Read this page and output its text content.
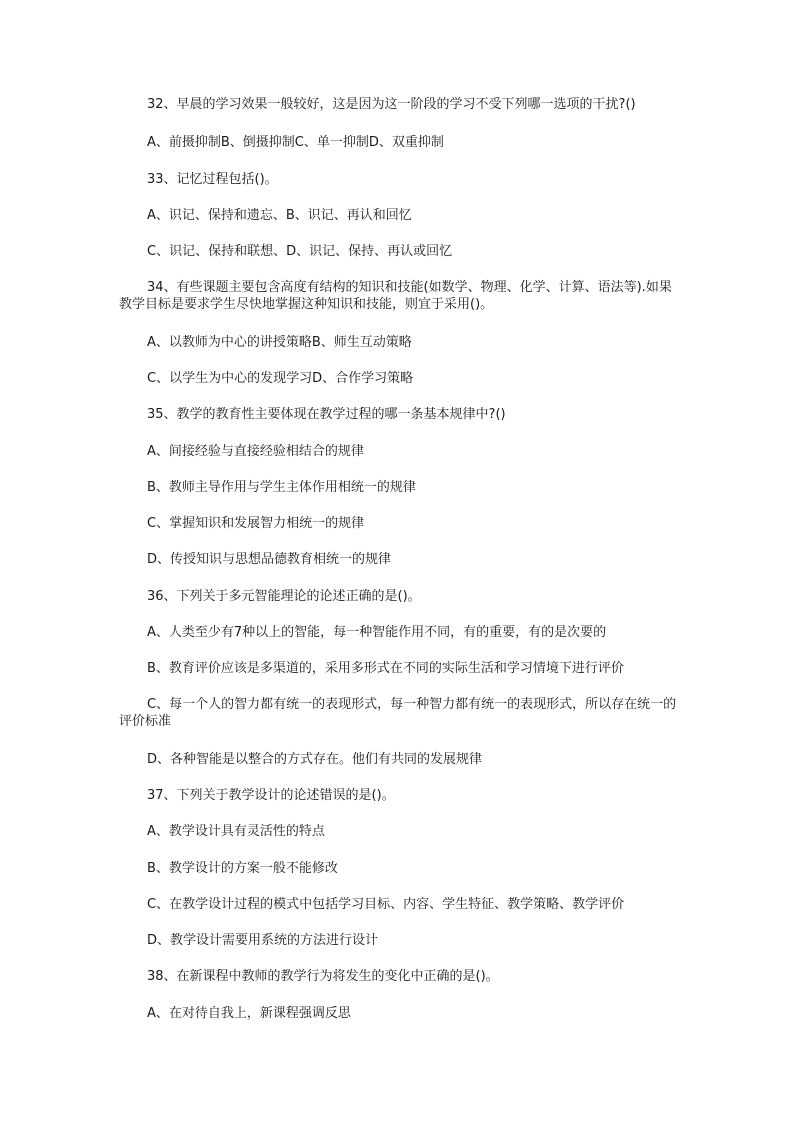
32、早晨的学习效果一般较好，这是因为这一阶段的学习不受下列哪一选项的干扰?()
A、前摄抑制B、倒摄抑制C、单一抑制D、双重抑制
33、记忆过程包括()。
A、识记、保持和遗忘、B、识记、再认和回忆
C、识记、保持和联想、D、识记、保持、再认或回忆
34、有些课题主要包含高度有结构的知识和技能(如数学、物理、化学、计算、语法等).如果教学目标是要求学生尽快地掌握这种知识和技能，则宜于采用()。
A、以教师为中心的讲授策略B、师生互动策略
C、以学生为中心的发现学习D、合作学习策略
35、教学的教育性主要体现在教学过程的哪一条基本规律中?()
A、间接经验与直接经验相结合的规律
B、教师主导作用与学生主体作用相统一的规律
C、掌握知识和发展智力相统一的规律
D、传授知识与思想品德教育相统一的规律
36、下列关于多元智能理论的论述正确的是()。
A、人类至少有7种以上的智能，每一种智能作用不同，有的重要，有的是次要的
B、教育评价应该是多渠道的，采用多形式在不同的实际生活和学习情境下进行评价
C、每一个人的智力都有统一的表现形式，每一种智力都有统一的表现形式，所以存在统一的评价标准
D、各种智能是以整合的方式存在。他们有共同的发展规律
37、下列关于教学设计的论述错误的是()。
A、教学设计具有灵活性的特点
B、教学设计的方案一般不能修改
C、在教学设计过程的模式中包括学习目标、内容、学生特征、教学策略、教学评价
D、教学设计需要用系统的方法进行设计
38、在新课程中教师的教学行为将发生的变化中正确的是()。
A、在对待自我上，新课程强调反思
